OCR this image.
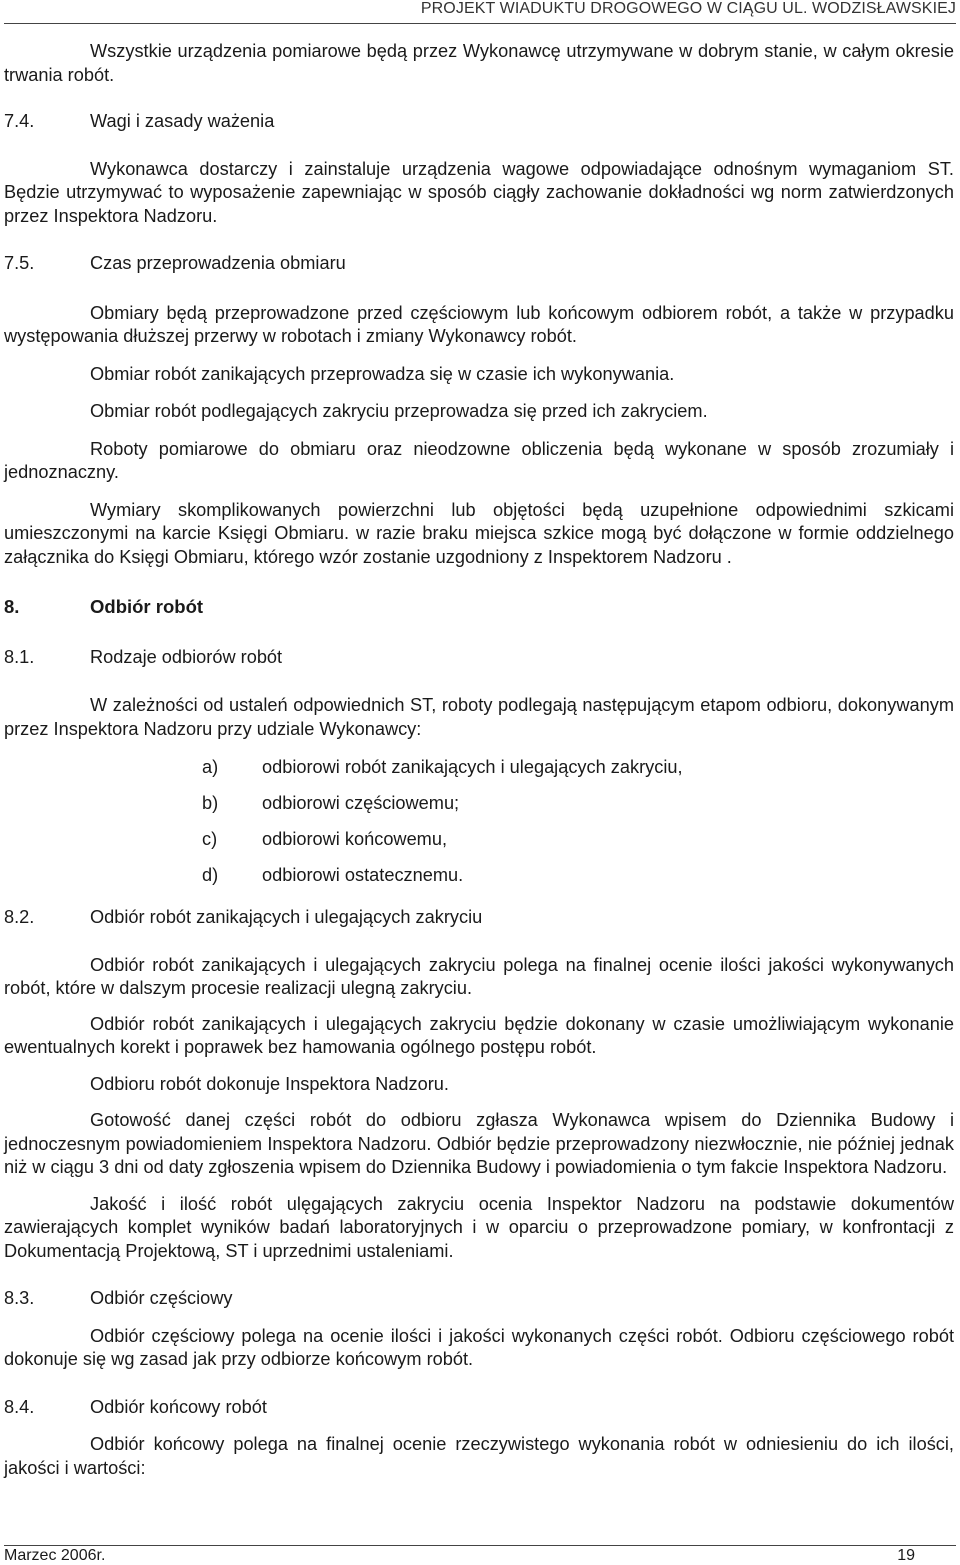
PROJEKT WIADUKTU DROGOWEGO W CIĄGU UL. WODZISŁAWSKIEJ

Wszystkie urządzenia pomiarowe będą przez Wykonawcę utrzymywane w dobrym stanie, w całym okresie trwania robót.

7.4.	Wagi i zasady ważenia

Wykonawca dostarczy i zainstaluje urządzenia wagowe odpowiadające odnośnym wymaganiom ST. Będzie utrzymywać to wyposażenie zapewniając w sposób ciągły zachowanie dokładności wg norm zatwierdzonych przez Inspektora Nadzoru.

7.5.	Czas przeprowadzenia obmiaru

Obmiary będą przeprowadzone przed częściowym lub końcowym odbiorem robót, a także w przypadku występowania dłuższej przerwy w robotach i zmiany Wykonawcy robót.

Obmiar robót zanikających przeprowadza się w czasie ich wykonywania.

Obmiar robót podlegających zakryciu przeprowadza się przed ich zakryciem.

Roboty pomiarowe do obmiaru oraz nieodzowne obliczenia będą wykonane w sposób zrozumiały i jednoznaczny.

Wymiary skomplikowanych powierzchni lub objętości będą uzupełnione odpowiednimi szkicami umieszczonymi na karcie Księgi Obmiaru. w razie braku miejsca szkice mogą być dołączone w formie oddzielnego załącznika do Księgi Obmiaru, którego wzór zostanie uzgodniony z Inspektorem Nadzoru .

8.	Odbiór robót
8.1.	Rodzaje odbiorów robót

W zależności od ustaleń odpowiednich ST, roboty podlegają następującym etapom odbioru, dokonywanym przez Inspektora Nadzoru przy udziale Wykonawcy:

a)	odbiorowi robót zanikających i ulegających zakryciu,
b)	odbiorowi częściowemu;
c)	odbiorowi końcowemu,
d)	odbiorowi ostatecznemu.
8.2.	Odbiór robót zanikających i ulegających zakryciu

Odbiór robót zanikających i ulegających zakryciu polega na finalnej ocenie ilości jakości wykonywanych robót, które w dalszym procesie realizacji ulegną zakryciu.

Odbiór robót zanikających i ulegających zakryciu będzie dokonany w czasie umożliwiającym wykonanie ewentualnych korekt i poprawek bez hamowania ogólnego postępu robót.

Odbioru robót dokonuje Inspektora Nadzoru.

Gotowość danej części robót do odbioru zgłasza Wykonawca wpisem do Dziennika Budowy i jednoczesnym powiadomieniem Inspektora Nadzoru. Odbiór będzie przeprowadzony niezwłocznie, nie później jednak niż w ciągu 3 dni od daty zgłoszenia wpisem do Dziennika Budowy i powiadomienia o tym fakcie Inspektora Nadzoru.

Jakość i ilość robót ulęgających zakryciu ocenia Inspektor Nadzoru na podstawie dokumentów zawierających komplet wyników badań laboratoryjnych i w oparciu o przeprowadzone pomiary, w konfrontacji z Dokumentacją Projektową, ST i uprzednimi ustaleniami.

8.3.	Odbiór częściowy

Odbiór częściowy polega na ocenie ilości i jakości wykonanych części robót. Odbioru częściowego robót dokonuje się wg zasad jak przy odbiorze końcowym robót.

8.4.	Odbiór końcowy robót

Odbiór końcowy polega na finalnej ocenie rzeczywistego wykonania robót w odniesieniu do ich ilości, jakości i wartości:

Marzec 2006r.	19
